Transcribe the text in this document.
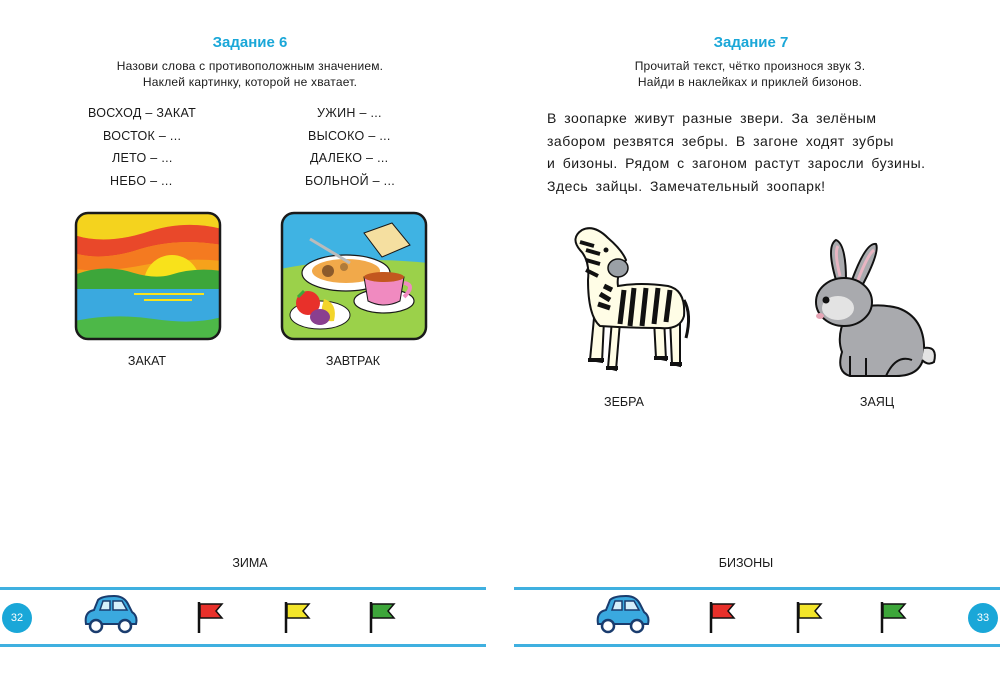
Задание 6
Назови слова с противоположным значением.
Наклей картинку, которой не хватает.
ВОСХОД – ЗАКАТ
ВОСТОК – ...
ЛЕТО – ...
НЕБО – ...
УЖИН – ...
ВЫСОКО – ...
ДАЛЕКО – ...
БОЛЬНОЙ – ...
ЗАКАТ	ЗАВТРАК
ЗИМА
Задание 7
Прочитай текст, чётко произнося звук З.
Найди в наклейках и приклей бизонов.
В зоопарке живут разные звери. За зелёным
забором резвятся зебры. В загоне ходят зубры
и бизоны. Рядом с загоном растут заросли бузины.
Здесь зайцы. Замечательный зоопарк!
ЗЕБРА	ЗАЯЦ
БИЗОНЫ
32	33
